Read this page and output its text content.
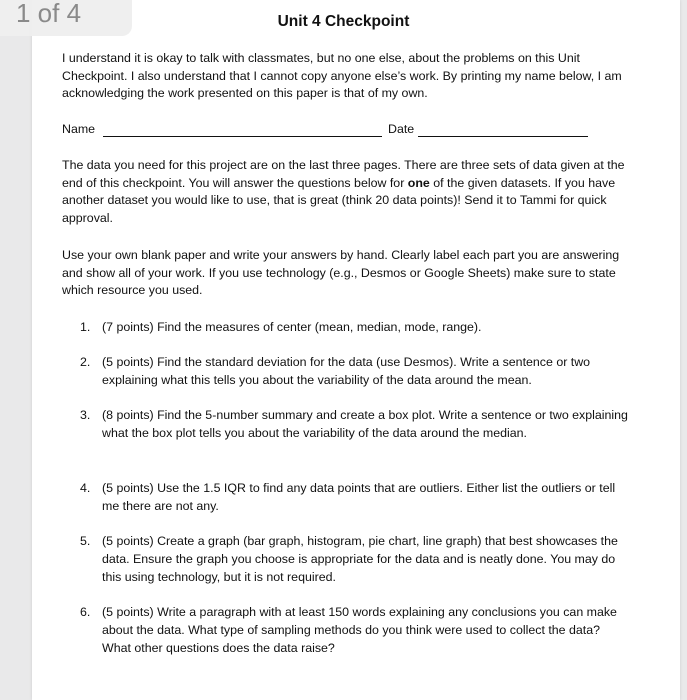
1 of 4	Unit 4 Checkpoint
I understand it is okay to talk with classmates, but no one else, about the problems on this Unit Checkpoint. I also understand that I cannot copy anyone else’s work. By printing my name below, I am acknowledging the work presented on this paper is that of my own.
Name	Date
The data you need for this project are on the last three pages. There are three sets of data given at the end of this checkpoint. You will answer the questions below for one of the given datasets. If you have another dataset you would like to use, that is great (think 20 data points)! Send it to Tammi for quick approval.
Use your own blank paper and write your answers by hand. Clearly label each part you are answering and show all of your work. If you use technology (e.g., Desmos or Google Sheets) make sure to state which resource you used.
1. (7 points) Find the measures of center (mean, median, mode, range).
2. (5 points) Find the standard deviation for the data (use Desmos). Write a sentence or two explaining what this tells you about the variability of the data around the mean.
3. (8 points) Find the 5-number summary and create a box plot. Write a sentence or two explaining what the box plot tells you about the variability of the data around the median.
4. (5 points) Use the 1.5 IQR to find any data points that are outliers. Either list the outliers or tell me there are not any.
5. (5 points) Create a graph (bar graph, histogram, pie chart, line graph) that best showcases the data. Ensure the graph you choose is appropriate for the data and is neatly done. You may do this using technology, but it is not required.
6. (5 points) Write a paragraph with at least 150 words explaining any conclusions you can make about the data. What type of sampling methods do you think were used to collect the data? What other questions does the data raise?
